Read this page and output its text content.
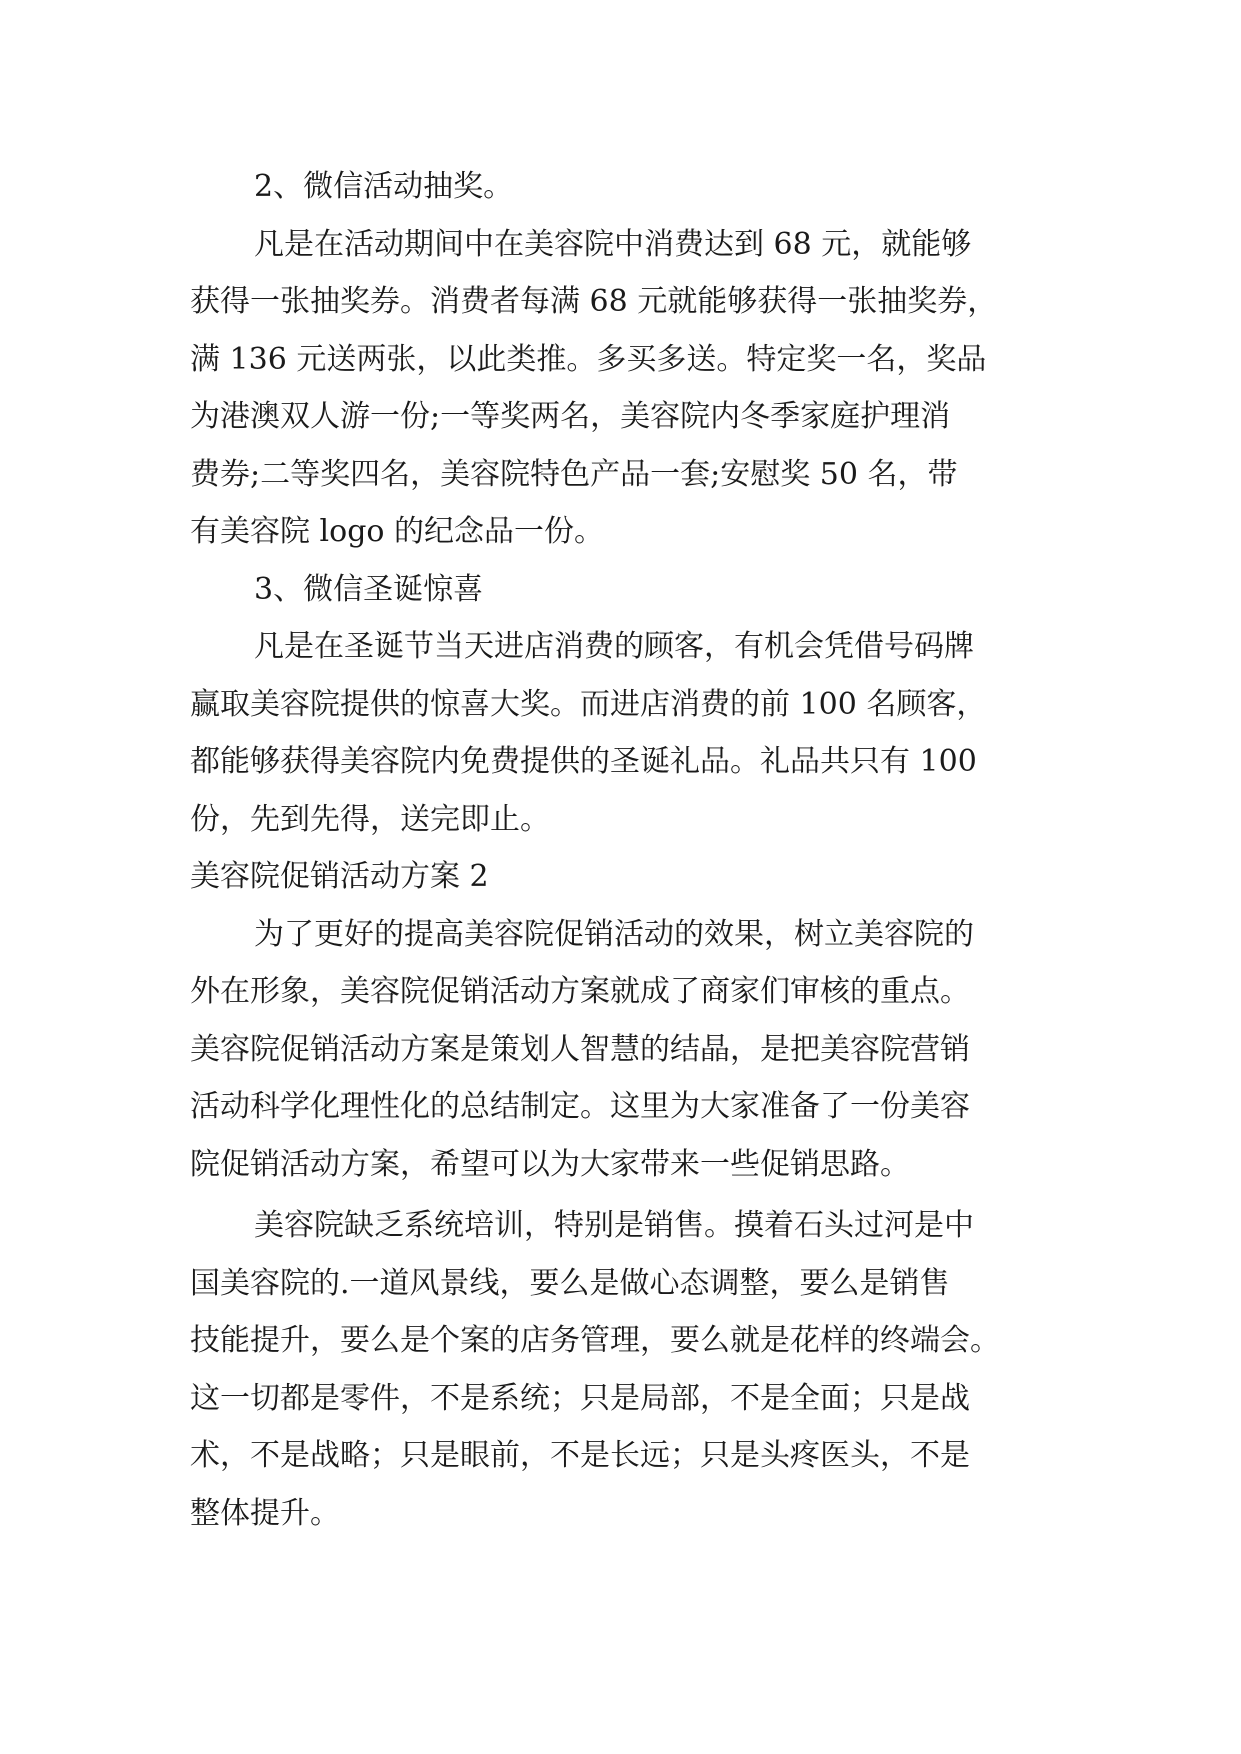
2、微信活动抽奖。

凡是在活动期间中在美容院中消费达到 68 元，就能够

获得一张抽奖券。消费者每满 68 元就能够获得一张抽奖券，

满 136 元送两张，以此类推。多买多送。特定奖一名，奖品

为港澳双人游一份;一等奖两名，美容院内冬季家庭护理消

费券;二等奖四名，美容院特色产品一套;安慰奖 50 名，带

有美容院 logo 的纪念品一份。

3、微信圣诞惊喜

凡是在圣诞节当天进店消费的顾客，有机会凭借号码牌

赢取美容院提供的惊喜大奖。而进店消费的前 100 名顾客，

都能够获得美容院内免费提供的圣诞礼品。礼品共只有 100

份，先到先得，送完即止。

美容院促销活动方案 2

为了更好的提高美容院促销活动的效果，树立美容院的

外在形象，美容院促销活动方案就成了商家们审核的重点。

美容院促销活动方案是策划人智慧的结晶，是把美容院营销

活动科学化理性化的总结制定。这里为大家准备了一份美容

院促销活动方案，希望可以为大家带来一些促销思路。

美容院缺乏系统培训，特别是销售。摸着石头过河是中

国美容院的.一道风景线，要么是做心态调整，要么是销售

技能提升，要么是个案的店务管理，要么就是花样的终端会。

这一切都是零件，不是系统；只是局部，不是全面；只是战

术，不是战略；只是眼前，不是长远；只是头疼医头，不是

整体提升。
